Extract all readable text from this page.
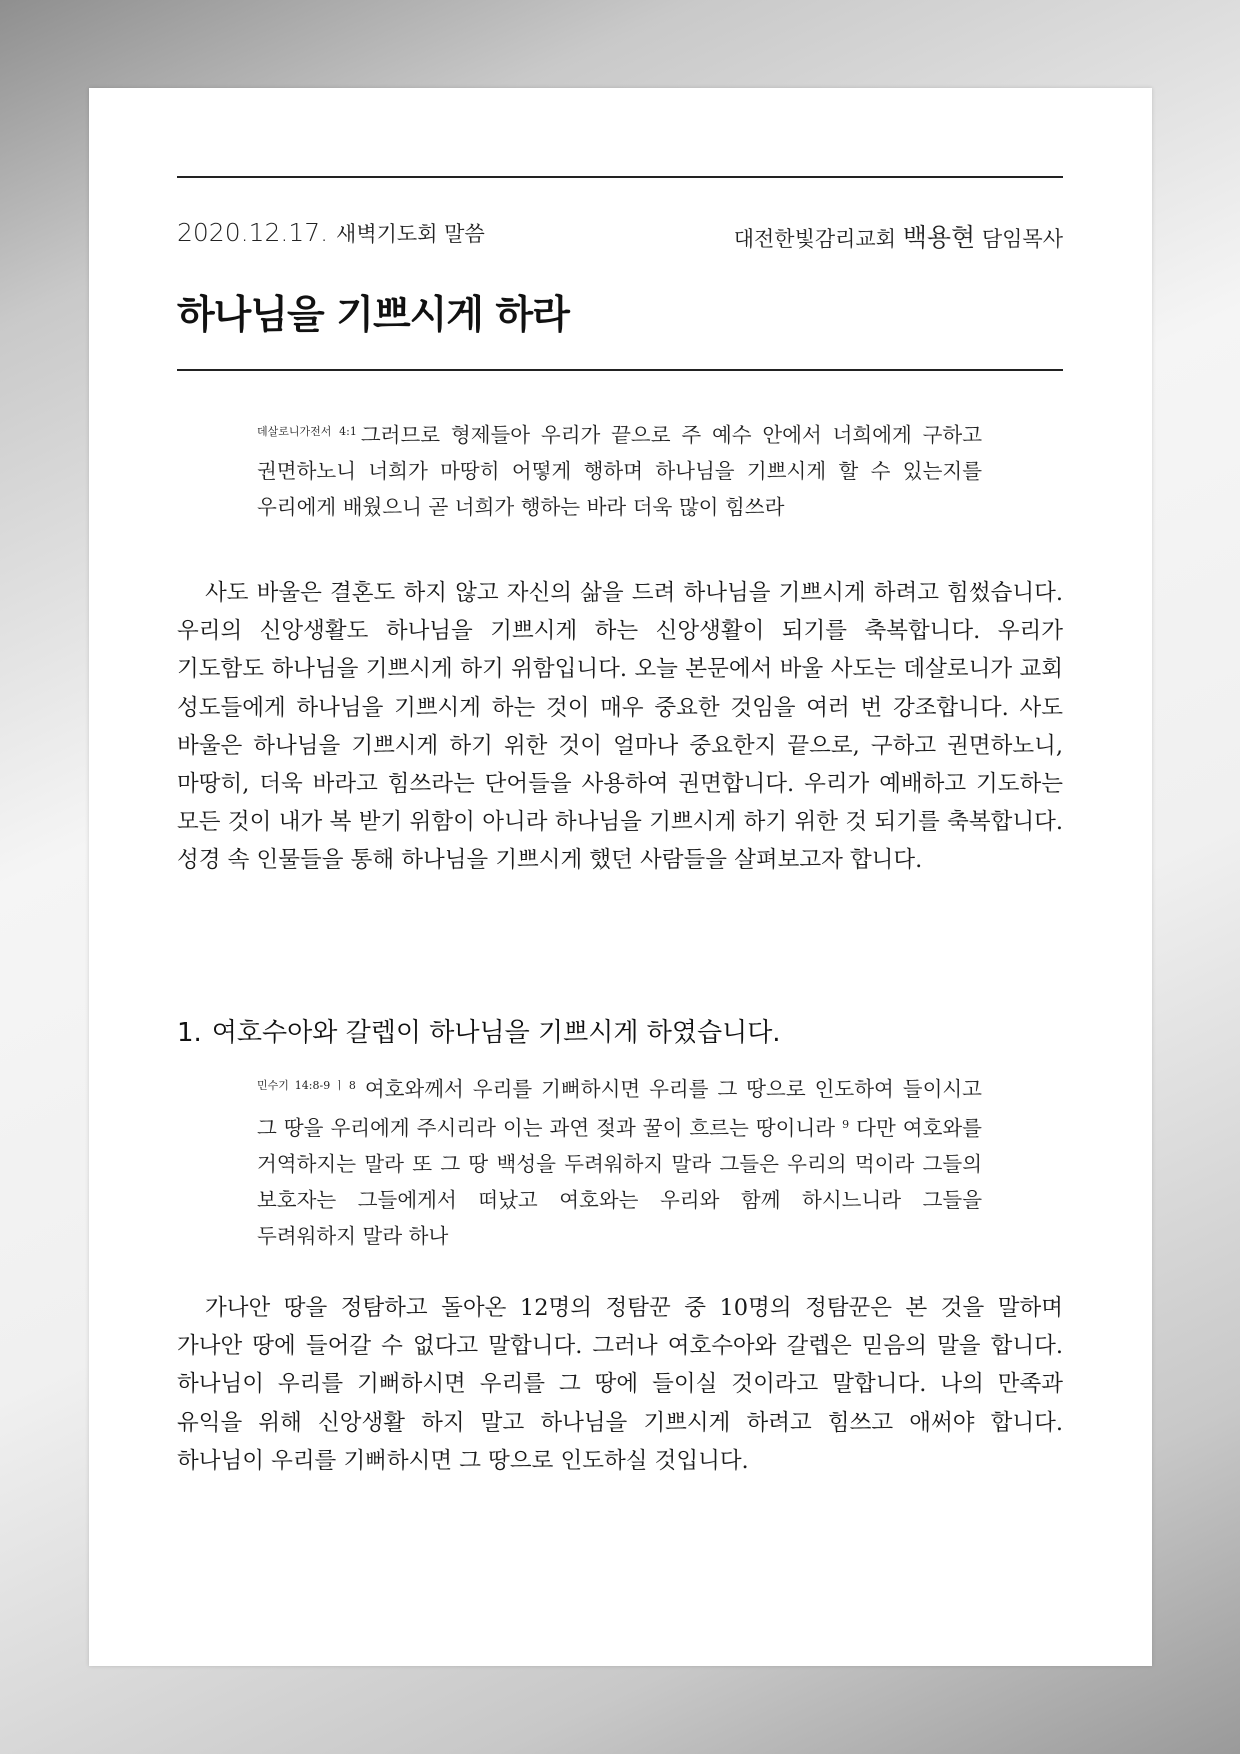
2020.12.17. 새벽기도회 말씀	대전한빛감리교회 백용현 담임목사
하나님을 기쁘시게 하라
$^{데살로니가전서 4:1}$ 그러므로 형제들아 우리가 끝으로 주 예수 안에서 너희에게 구하고 권면하노니 너희가 마땅히 어떻게 행하며 하나님을 기쁘시게 할 수 있는지를 우리에게 배웠으니 곧 너희가 행하는 바라 더욱 많이 힘쓰라

사도 바울은 결혼도 하지 않고 자신의 삶을 드려 하나님을 기쁘시게 하려고 힘썼습니다. 우리의 신앙생활도 하나님을 기쁘시게 하는 신앙생활이 되기를 축복합니다. 우리가 기도함도 하나님을 기쁘시게 하기 위함입니다. 오늘 본문에서 바울 사도는 데살로니가 교회 성도들에게 하나님을 기쁘시게 하는 것이 매우 중요한 것임을 여러 번 강조합니다. 사도 바울은 하나님을 기쁘시게 하기 위한 것이 얼마나 중요한지 끝으로, 구하고 권면하노니, 마땅히, 더욱 바라고 힘쓰라는 단어들을 사용하여 권면합니다. 우리가 예배하고 기도하는 모든 것이 내가 복 받기 위함이 아니라 하나님을 기쁘시게 하기 위한 것 되기를 축복합니다. 성경 속 인물들을 통해 하나님을 기쁘시게 했던 사람들을 살펴보고자 합니다.

1. 여호수아와 갈렙이 하나님을 기쁘시게 하였습니다.
$^{민수기 14:8-9}$ $^ㅣ$ $^8$ 여호와께서 우리를 기뻐하시면 우리를 그 땅으로 인도하여 들이시고 그 땅을 우리에게 주시리라 이는 과연 젖과 꿀이 흐르는 땅이니라 $^9$ 다만 여호와를 거역하지는 말라 또 그 땅 백성을 두려워하지 말라 그들은 우리의 먹이라 그들의 보호자는 그들에게서 떠났고 여호와는 우리와 함께 하시느니라 그들을 두려워하지 말라 하나

가나안 땅을 정탐하고 돌아온 12명의 정탐꾼 중 10명의 정탐꾼은 본 것을 말하며 가나안 땅에 들어갈 수 없다고 말합니다. 그러나 여호수아와 갈렙은 믿음의 말을 합니다. 하나님이 우리를 기뻐하시면 우리를 그 땅에 들이실 것이라고 말합니다. 나의 만족과 유익을 위해 신앙생활 하지 말고 하나님을 기쁘시게 하려고 힘쓰고 애써야 합니다. 하나님이 우리를 기뻐하시면 그 땅으로 인도하실 것입니다.
